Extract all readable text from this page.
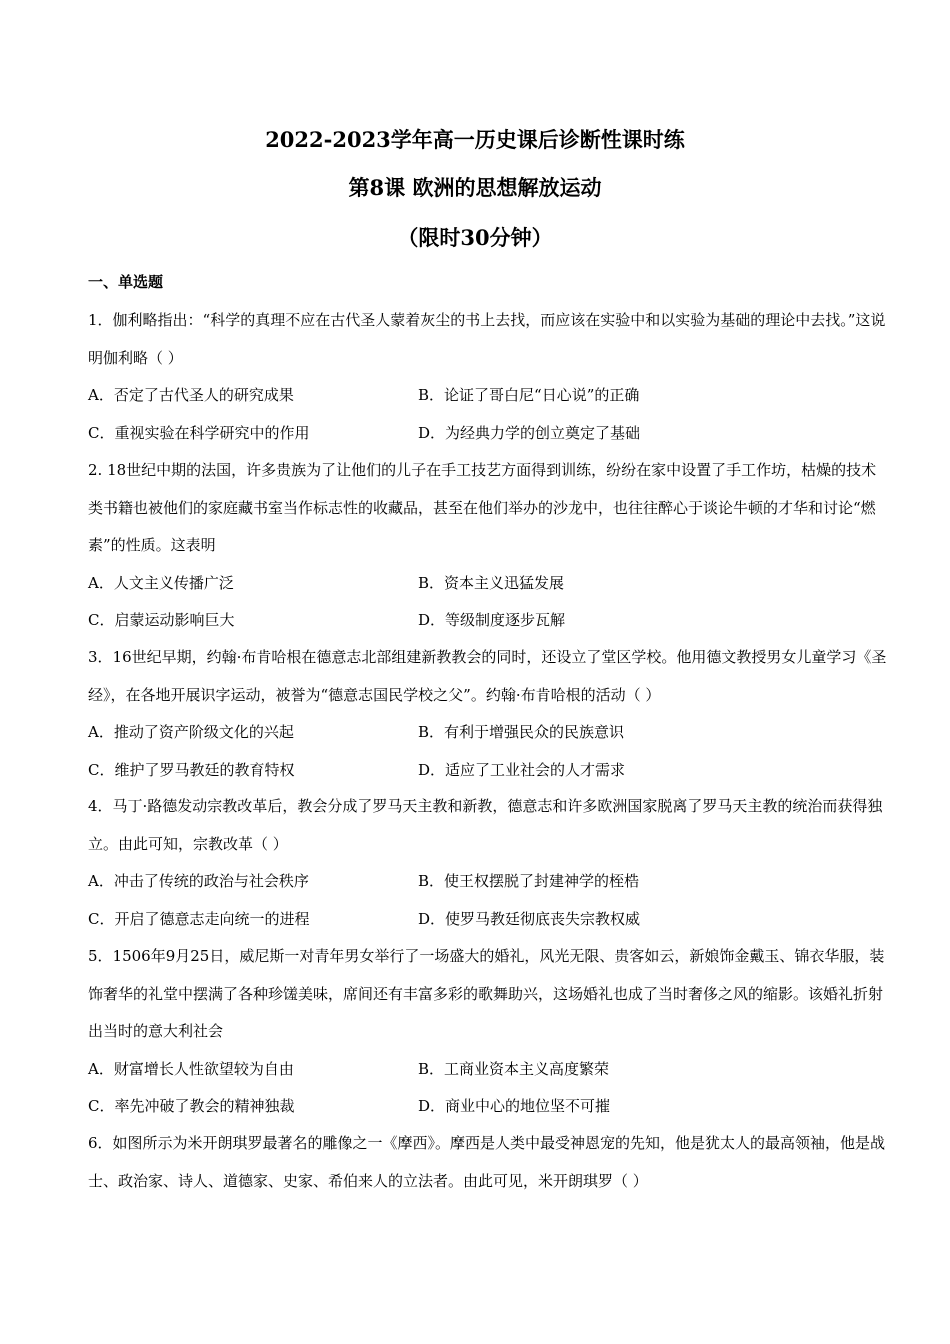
2022-2023学年高一历史课后诊断性课时练
第8课 欧洲的思想解放运动
（限时30分钟）
一、单选题
1．伽利略指出：“科学的真理不应在古代圣人蒙着灰尘的书上去找，而应该在实验中和以实验为基础的理论中去找。”这说明伽利略（ ）
A．否定了古代圣人的研究成果	B．论证了哥白尼“日心说”的正确
C．重视实验在科学研究中的作用	D．为经典力学的创立奠定了基础
2. 18世纪中期的法国，许多贵族为了让他们的儿子在手工技艺方面得到训练，纷纷在家中设置了手工作坊，枯燥的技术类书籍也被他们的家庭藏书室当作标志性的收藏品，甚至在他们举办的沙龙中，也往往醉心于谈论牛顿的才华和讨论“燃素”的性质。这表明
A．人文主义传播广泛	B．资本主义迅猛发展
C．启蒙运动影响巨大	D．等级制度逐步瓦解
3．16世纪早期，约翰·布肯哈根在德意志北部组建新教教会的同时，还设立了堂区学校。他用德文教授男女儿童学习《圣经》，在各地开展识字运动，被誉为“德意志国民学校之父”。约翰·布肯哈根的活动（ ）
A．推动了资产阶级文化的兴起	B．有利于增强民众的民族意识
C．维护了罗马教廷的教育特权	D．适应了工业社会的人才需求
4．马丁·路德发动宗教改革后，教会分成了罗马天主教和新教，德意志和许多欧洲国家脱离了罗马天主教的统治而获得独立。由此可知，宗教改革（ ）
A．冲击了传统的政治与社会秩序	B．使王权摆脱了封建神学的桎梏
C．开启了德意志走向统一的进程	D．使罗马教廷彻底丧失宗教权威
5．1506年9月25日，威尼斯一对青年男女举行了一场盛大的婚礼，风光无限、贵客如云，新娘饰金戴玉、锦衣华服，装饰奢华的礼堂中摆满了各种珍馐美味，席间还有丰富多彩的歌舞助兴，这场婚礼也成了当时奢侈之风的缩影。该婚礼折射出当时的意大利社会
A．财富增长人性欲望较为自由	B．工商业资本主义高度繁荣
C．率先冲破了教会的精神独裁	D．商业中心的地位坚不可摧
6．如图所示为米开朗琪罗最著名的雕像之一《摩西》。摩西是人类中最受神恩宠的先知，他是犹太人的最高领袖，他是战士、政治家、诗人、道德家、史家、希伯来人的立法者。由此可见，米开朗琪罗（ ）
